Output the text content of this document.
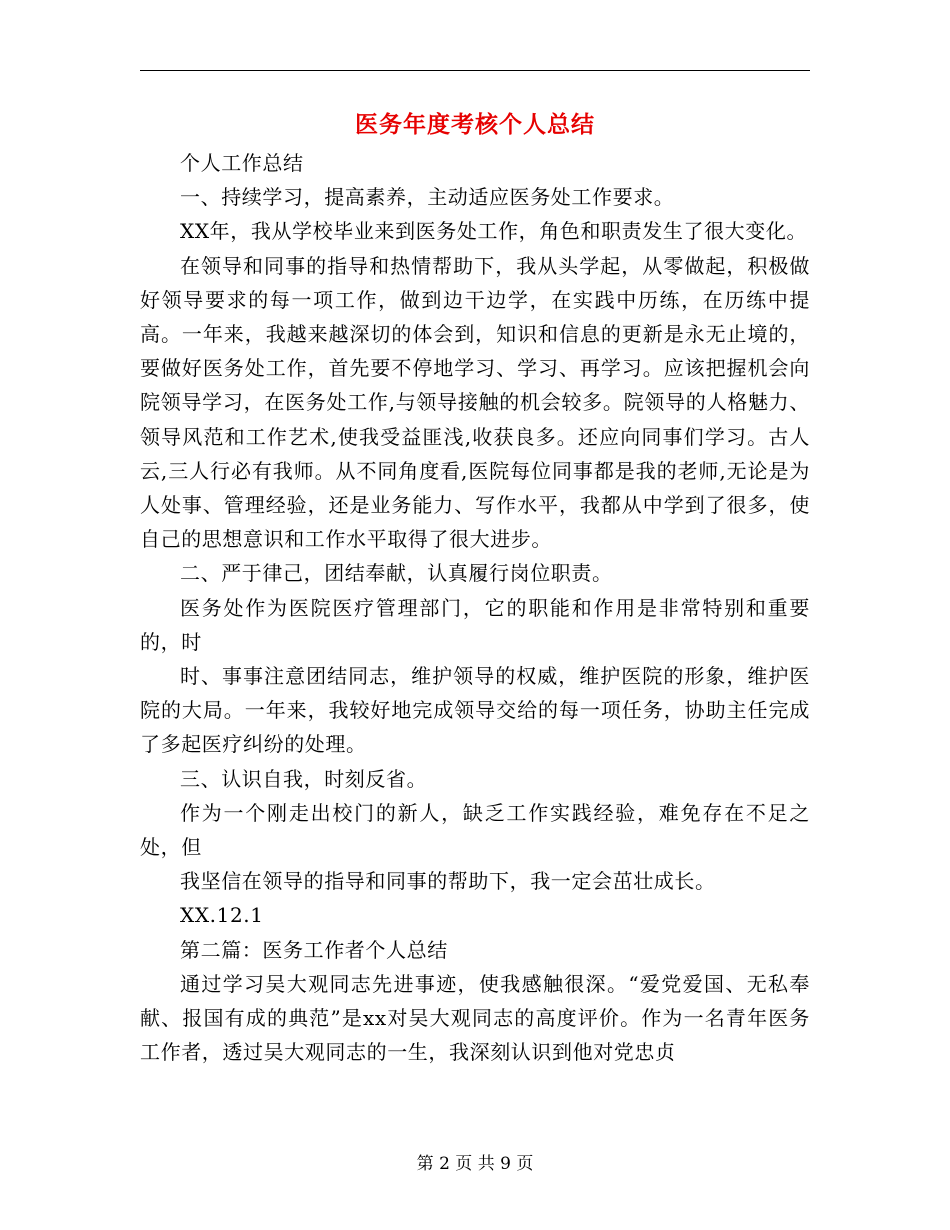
医务年度考核个人总结

个人工作总结

一、持续学习，提高素养，主动适应医务处工作要求。

XX年，我从学校毕业来到医务处工作，角色和职责发生了很大变化。

在领导和同事的指导和热情帮助下，我从头学起，从零做起，积极做好领导要求的每一项工作，做到边干边学，在实践中历练，在历练中提高。一年来，我越来越深切的体会到，知识和信息的更新是永无止境的，要做好医务处工作，首先要不停地学习、学习、再学习。应该把握机会向院领导学习，在医务处工作,与领导接触的机会较多。院领导的人格魅力、领导风范和工作艺术,使我受益匪浅,收获良多。还应向同事们学习。古人云,三人行必有我师。从不同角度看,医院每位同事都是我的老师,无论是为人处事、管理经验，还是业务能力、写作水平，我都从中学到了很多，使自己的思想意识和工作水平取得了很大进步。

二、严于律己，团结奉献，认真履行岗位职责。

医务处作为医院医疗管理部门，它的职能和作用是非常特别和重要的，时

时、事事注意团结同志，维护领导的权威，维护医院的形象，维护医院的大局。一年来，我较好地完成领导交给的每一项任务，协助主任完成了多起医疗纠纷的处理。

三、认识自我，时刻反省。

作为一个刚走出校门的新人，缺乏工作实践经验，难免存在不足之处，但

我坚信在领导的指导和同事的帮助下，我一定会茁壮成长。

XX.12.1

第二篇：医务工作者个人总结

通过学习吴大观同志先进事迹，使我感触很深。“爱党爱国、无私奉献、报国有成的典范”是xx对吴大观同志的高度评价。作为一名青年医务工作者，透过吴大观同志的一生，我深刻认识到他对党忠贞

第 2 页 共 9 页
